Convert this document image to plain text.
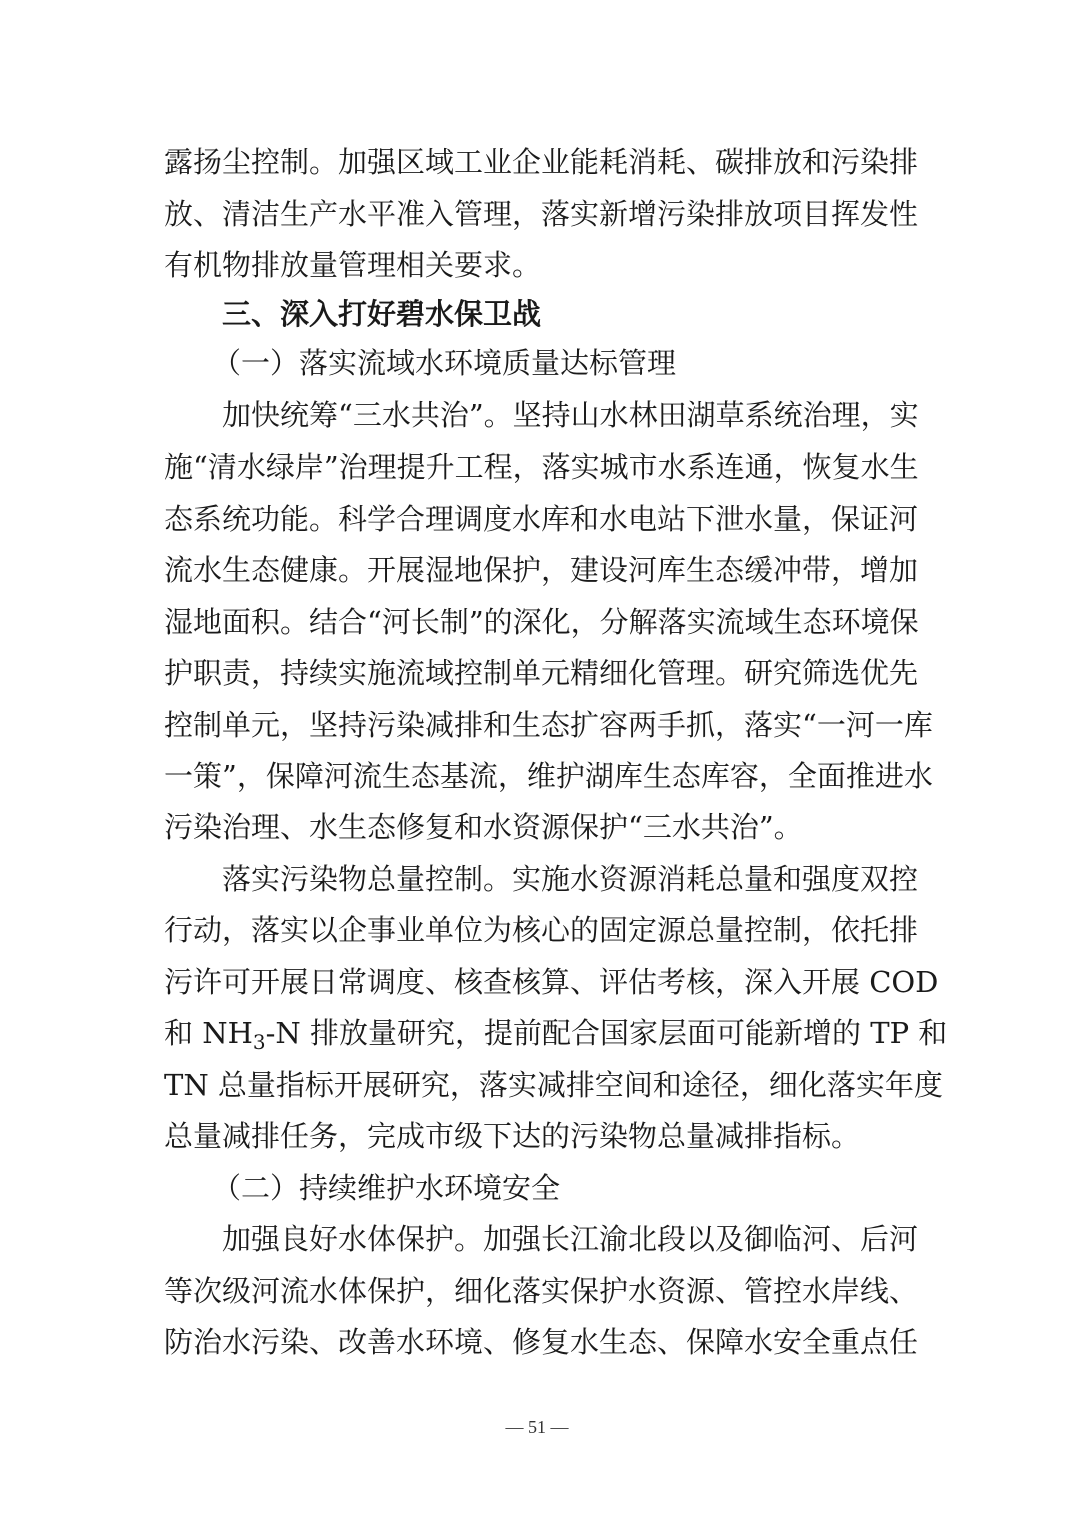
露扬尘控制。加强区域工业企业能耗消耗、碳排放和污染排
放、清洁生产水平准入管理，落实新增污染排放项目挥发性
有机物排放量管理相关要求。
三、深入打好碧水保卫战
（一）落实流域水环境质量达标管理
加快统筹“三水共治”。坚持山水林田湖草系统治理，实
施“清水绿岸”治理提升工程，落实城市水系连通，恢复水生
态系统功能。科学合理调度水库和水电站下泄水量，保证河
流水生态健康。开展湿地保护，建设河库生态缓冲带，增加
湿地面积。结合“河长制”的深化，分解落实流域生态环境保
护职责，持续实施流域控制单元精细化管理。研究筛选优先
控制单元，坚持污染减排和生态扩容两手抓，落实“一河一库
一策”，保障河流生态基流，维护湖库生态库容，全面推进水
污染治理、水生态修复和水资源保护“三水共治”。
落实污染物总量控制。实施水资源消耗总量和强度双控
行动，落实以企事业单位为核心的固定源总量控制，依托排
污许可开展日常调度、核查核算、评估考核，深入开展 COD
和 $NH_3-N$ 排放量研究，提前配合国家层面可能新增的 TP 和
TN 总量指标开展研究，落实减排空间和途径，细化落实年度
总量减排任务，完成市级下达的污染物总量减排指标。
（二）持续维护水环境安全
加强良好水体保护。加强长江渝北段以及御临河、后河
等次级河流水体保护，细化落实保护水资源、管控水岸线、
防治水污染、改善水环境、修复水生态、保障水安全重点任
— 51 —
